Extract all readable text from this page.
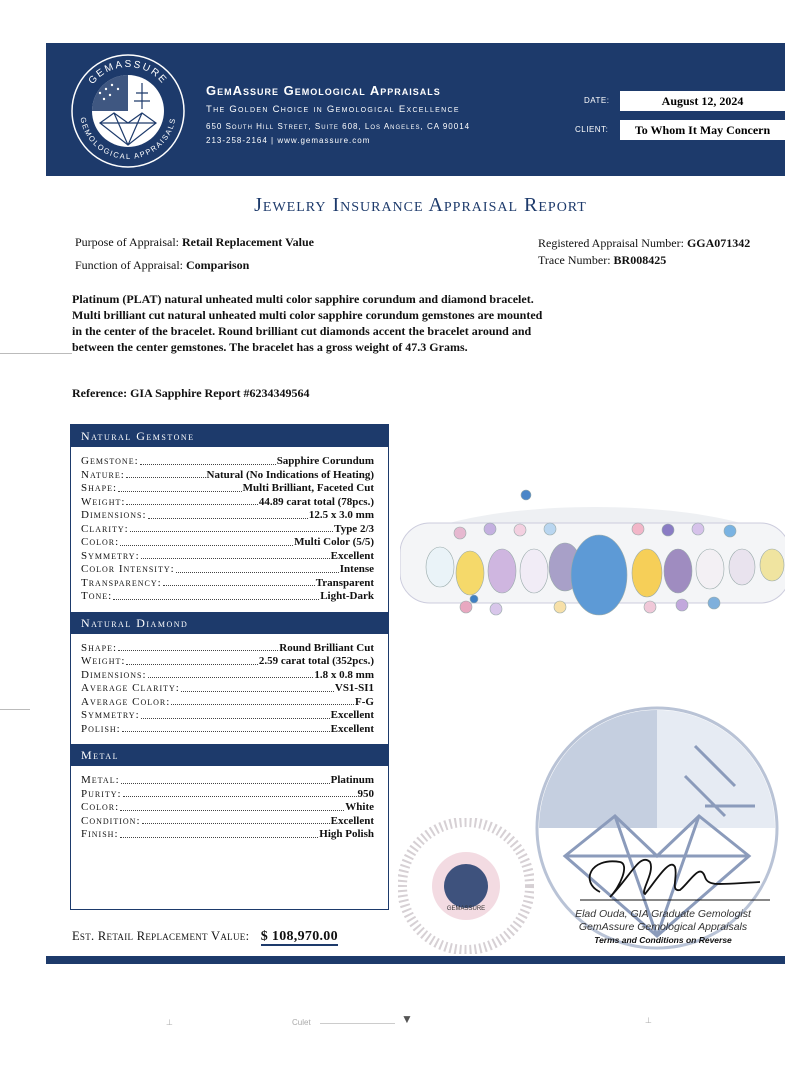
GEMASSURE
GEMOLOGICAL APPRAISALS
GemAssure Gemological Appraisals
The Golden Choice in Gemological Excellence
650 South Hill Street, Suite 608, Los Angeles, CA 90014
213-258-2164 | www.gemassure.com
DATE:	August 12, 2024
CLIENT:	To Whom It May Concern
Jewelry Insurance Appraisal Report
Purpose of Appraisal: Retail Replacement Value
Function of Appraisal: Comparison
Registered Appraisal Number: GGA071342
Trace Number: BR008425
Platinum (PLAT) natural unheated multi color sapphire corundum and diamond bracelet. Multi brilliant cut natural unheated multi color sapphire corundum gemstones are mounted in the center of the bracelet. Round brilliant cut diamonds accent the bracelet around and between the center gemstones. The bracelet has a gross weight of 47.3 Grams.
Reference: GIA Sapphire Report #6234349564
Natural Gemstone
Gemstone:	Sapphire Corundum
Nature:	Natural (No Indications of Heating)
Shape:	Multi Brilliant, Faceted Cut
Weight:	44.89 carat total (78pcs.)
Dimensions:	12.5 x 3.0 mm
Clarity:	Type 2/3
Color:	Multi Color (5/5)
Symmetry:	Excellent
Color Intensity:	Intense
Transparency:	Transparent
Tone:	Light-Dark
Natural Diamond
Shape:	Round Brilliant Cut
Weight:	2.59 carat total (352pcs.)
Dimensions:	1.8 x 0.8 mm
Average Clarity:	VS1-SI1
Average Color:	F-G
Symmetry:	Excellent
Polish:	Excellent
Metal
Metal:	Platinum
Purity:	950
Color:	White
Condition:	Excellent
Finish:	High Polish
GEMASSURE	Elad Ouda, GIA Graduate Gemologist
GemAssure Gemological Appraisals
Terms and Conditions on Reverse
Est. Retail Replacement Value: $ 108,970.00
⊥	Culet	▼	⊥
